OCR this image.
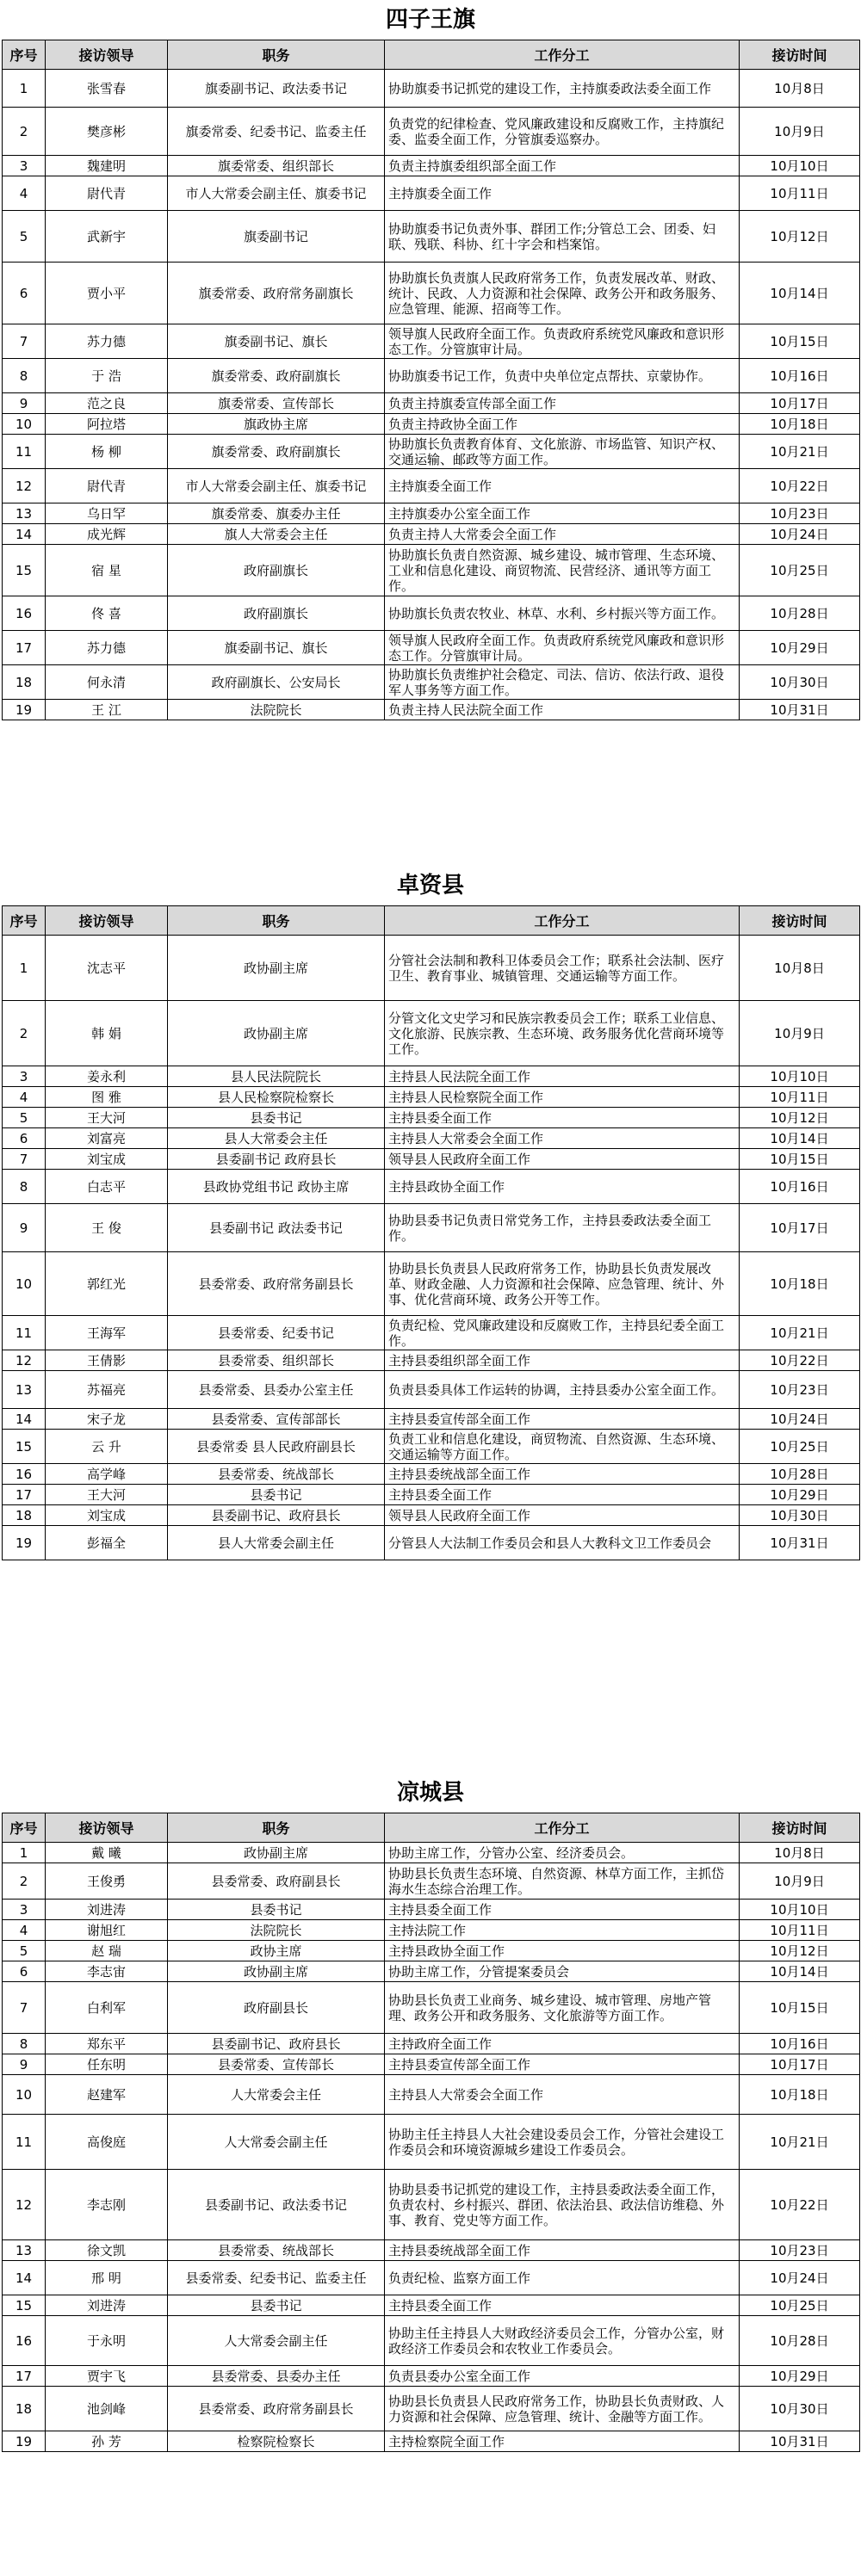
四子王旗
序号	接访领导	职务	工作分工	接访时间
1	张雪春	旗委副书记、政法委书记	协助旗委书记抓党的建设工作，主持旗委政法委全面工作	10月8日
2	樊彦彬	旗委常委、纪委书记、监委主任	负责党的纪律检查、党风廉政建设和反腐败工作，主持旗纪委、监委全面工作，分管旗委巡察办。	10月9日
3	魏建明	旗委常委、组织部长	负责主持旗委组织部全面工作	10月10日
4	尉代青	市人大常委会副主任、旗委书记	主持旗委全面工作	10月11日
5	武新宇	旗委副书记	协助旗委书记负责外事、群团工作;分管总工会、团委、妇联、残联、科协、红十字会和档案馆。	10月12日
6	贾小平	旗委常委、政府常务副旗长	协助旗长负责旗人民政府常务工作，负责发展改革、财政、统计、民政、人力资源和社会保障、政务公开和政务服务、应急管理、能源、招商等工作。	10月14日
7	苏力德	旗委副书记、旗长	领导旗人民政府全面工作。负责政府系统党风廉政和意识形态工作。分管旗审计局。	10月15日
8	于 浩	旗委常委、政府副旗长	协助旗委书记工作，负责中央单位定点帮扶、京蒙协作。	10月16日
9	范之良	旗委常委、宣传部长	负责主持旗委宣传部全面工作	10月17日
10	阿拉塔	旗政协主席	负责主持政协全面工作	10月18日
11	杨 柳	旗委常委、政府副旗长	协助旗长负责教育体育、文化旅游、市场监管、知识产权、交通运输、邮政等方面工作。	10月21日
12	尉代青	市人大常委会副主任、旗委书记	主持旗委全面工作	10月22日
13	乌日罕	旗委常委、旗委办主任	主持旗委办公室全面工作	10月23日
14	成光辉	旗人大常委会主任	负责主持人大常委会全面工作	10月24日
15	宿 星	政府副旗长	协助旗长负责自然资源、城乡建设、城市管理、生态环境、工业和信息化建设、商贸物流、民营经济、通讯等方面工作。	10月25日
16	佟 喜	政府副旗长	协助旗长负责农牧业、林草、水利、乡村振兴等方面工作。	10月28日
17	苏力德	旗委副书记、旗长	领导旗人民政府全面工作。负责政府系统党风廉政和意识形态工作。分管旗审计局。	10月29日
18	何永清	政府副旗长、公安局长	协助旗长负责维护社会稳定、司法、信访、依法行政、退役军人事务等方面工作。	10月30日
19	王 江	法院院长	负责主持人民法院全面工作	10月31日
卓资县
序号	接访领导	职务	工作分工	接访时间
1	沈志平	政协副主席	分管社会法制和教科卫体委员会工作；联系社会法制、医疗卫生、教育事业、城镇管理、交通运输等方面工作。	10月8日
2	韩 娟	政协副主席	分管文化文史学习和民族宗教委员会工作；联系工业信息、文化旅游、民族宗教、生态环境、政务服务优化营商环境等工作。	10月9日
3	姜永利	县人民法院院长	主持县人民法院全面工作	10月10日
4	图 雅	县人民检察院检察长	主持县人民检察院全面工作	10月11日
5	王大河	县委书记	主持县委全面工作	10月12日
6	刘富亮	县人大常委会主任	主持县人大常委会全面工作	10月14日
7	刘宝成	县委副书记 政府县长	领导县人民政府全面工作	10月15日
8	白志平	县政协党组书记 政协主席	主持县政协全面工作	10月16日
9	王 俊	县委副书记 政法委书记	协助县委书记负责日常党务工作，主持县委政法委全面工作。	10月17日
10	郭红光	县委常委、政府常务副县长	协助县长负责县人民政府常务工作，协助县长负责发展改革、财政金融、人力资源和社会保障、应急管理、统计、外事、优化营商环境、政务公开等工作。	10月18日
11	王海军	县委常委、纪委书记	负责纪检、党风廉政建设和反腐败工作，主持县纪委全面工作。	10月21日
12	王倩影	县委常委、组织部长	主持县委组织部全面工作	10月22日
13	苏福亮	县委常委、县委办公室主任	负责县委具体工作运转的协调，主持县委办公室全面工作。	10月23日
14	宋子龙	县委常委、宣传部部长	主持县委宣传部全面工作	10月24日
15	云 升	县委常委 县人民政府副县长	负责工业和信息化建设，商贸物流、自然资源、生态环境、交通运输等方面工作。	10月25日
16	高学峰	县委常委、统战部长	主持县委统战部全面工作	10月28日
17	王大河	县委书记	主持县委全面工作	10月29日
18	刘宝成	县委副书记、政府县长	领导县人民政府全面工作	10月30日
19	彭福全	县人大常委会副主任	分管县人大法制工作委员会和县人大教科文卫工作委员会	10月31日
凉城县
序号	接访领导	职务	工作分工	接访时间
1	戴 曦	政协副主席	协助主席工作，分管办公室、经济委员会。	10月8日
2	王俊勇	县委常委、政府副县长	协助县长负责生态环境、自然资源、林草方面工作，主抓岱海水生态综合治理工作。	10月9日
3	刘进涛	县委书记	主持县委全面工作	10月10日
4	谢旭红	法院院长	主持法院工作	10月11日
5	赵 瑞	政协主席	主持县政协全面工作	10月12日
6	李志宙	政协副主席	协助主席工作，分管提案委员会	10月14日
7	白利军	政府副县长	协助县长负责工业商务、城乡建设、城市管理、房地产管理、政务公开和政务服务、文化旅游等方面工作。	10月15日
8	郑东平	县委副书记、政府县长	主持政府全面工作	10月16日
9	任东明	县委常委、宣传部长	主持县委宣传部全面工作	10月17日
10	赵建军	人大常委会主任	主持县人大常委会全面工作	10月18日
11	高俊庭	人大常委会副主任	协助主任主持县人大社会建设委员会工作，分管社会建设工作委员会和环境资源城乡建设工作委员会。	10月21日
12	李志刚	县委副书记、政法委书记	协助县委书记抓党的建设工作，主持县委政法委全面工作，负责农村、乡村振兴、群团、依法治县、政法信访维稳、外事、教育、党史等方面工作。	10月22日
13	徐文凯	县委常委、统战部长	主持县委统战部全面工作	10月23日
14	邢 明	县委常委、纪委书记、监委主任	负责纪检、监察方面工作	10月24日
15	刘进涛	县委书记	主持县委全面工作	10月25日
16	于永明	人大常委会副主任	协助主任主持县人大财政经济委员会工作，分管办公室，财政经济工作委员会和农牧业工作委员会。	10月28日
17	贾宇飞	县委常委、县委办主任	负责县委办公室全面工作	10月29日
18	池剑峰	县委常委、政府常务副县长	协助县长负责县人民政府常务工作，协助县长负责财政、人力资源和社会保障、应急管理、统计、金融等方面工作。	10月30日
19	孙 芳	检察院检察长	主持检察院全面工作	10月31日
